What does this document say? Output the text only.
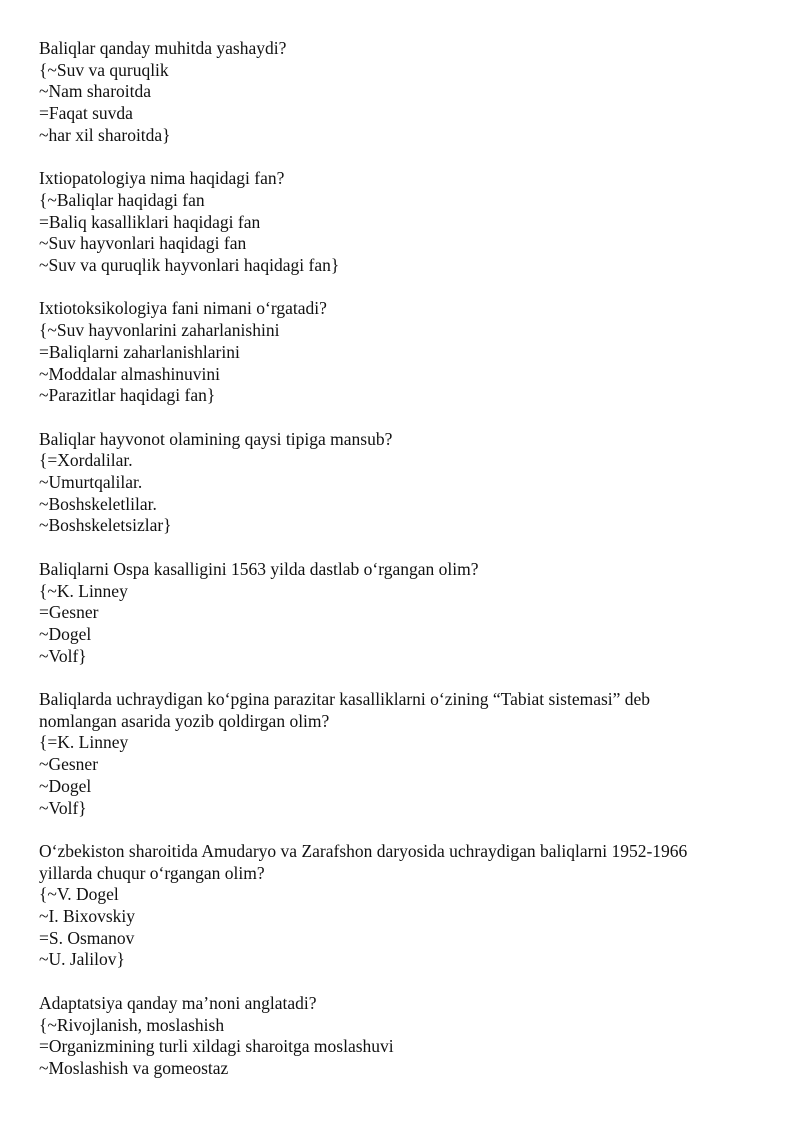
Baliqlar qanday muhitda yashaydi?
{~Suv va quruqlik
~Nam sharoitda
=Faqat suvda
~har xil sharoitda}
Ixtiopatologiya nima haqidagi fan?
{~Baliqlar haqidagi fan
=Baliq kasalliklari haqidagi fan
~Suv hayvonlari haqidagi fan
~Suv va quruqlik hayvonlari haqidagi fan}
Ixtiotoksikologiya fani nimani o‘rgatadi?
{~Suv hayvonlarini zaharlanishini
=Baliqlarni zaharlanishlarini
~Moddalar almashinuvini
~Parazitlar haqidagi fan}
Baliqlar hayvonot olamining qaysi tipiga mansub?
{=Xordalilar.
~Umurtqalilar.
~Boshskeletlilar.
~Boshskeletsizlar}
Baliqlarni Ospa kasalligini 1563 yilda dastlab o‘rgangan olim?
{~K. Linney
=Gesner
~Dogel
~Volf}
Baliqlarda uchraydigan ko‘pgina parazitar kasalliklarni o‘zining “Tabiat sistemasi” deb
nomlangan asarida yozib qoldirgan olim?
{=K. Linney
~Gesner
~Dogel
~Volf}
O‘zbekiston sharoitida Amudaryo va Zarafshon daryosida uchraydigan baliqlarni 1952-1966
yillarda chuqur o‘rgangan olim?
{~V. Dogel
~I. Bixovskiy
=S. Osmanov
~U. Jalilov}
Adaptatsiya qanday ma’noni anglatadi?
{~Rivojlanish, moslashish
=Organizmining turli xildagi sharoitga moslashuvi
~Moslashish va gomeostaz
